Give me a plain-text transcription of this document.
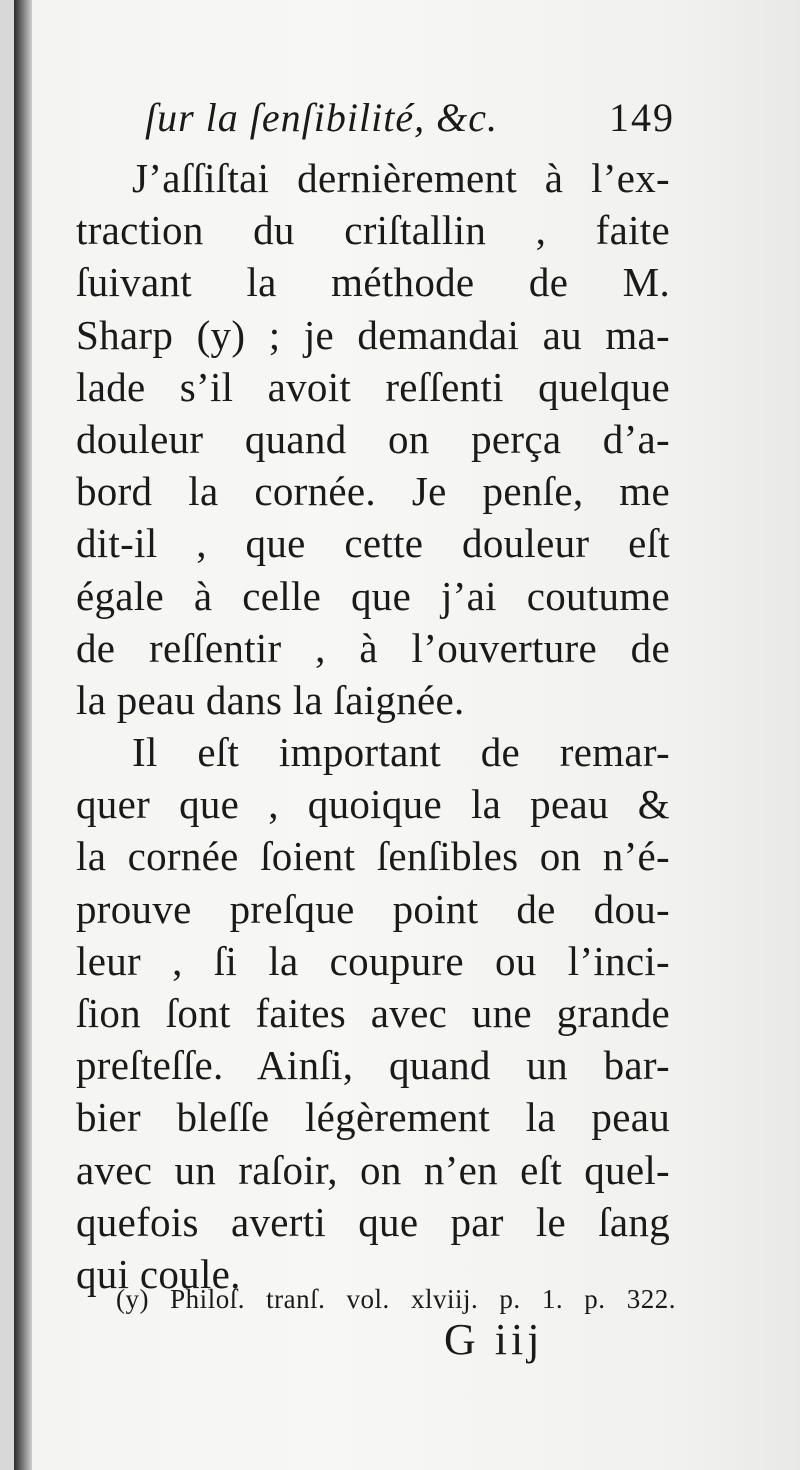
ſur la ſenſibilité, &c.	149
J’aſſiſtai dernièrement à l’ex-
traction du criſtallin , faite
ſuivant la méthode de M.
Sharp (y) ; je demandai au ma-
lade s’il avoit reſſenti quelque
douleur quand on perça d’a-
bord la cornée. Je penſe, me
dit-il , que cette douleur eſt
égale à celle que j’ai coutume
de reſſentir , à l’ouverture de
la peau dans la ſaignée.
Il eſt important de remar-
quer que , quoique la peau &
la cornée ſoient ſenſibles on n’é-
prouve preſque point de dou-
leur , ſi la coupure ou l’inci-
ſion ſont faites avec une grande
preſteſſe. Ainſi, quand un bar-
bier bleſſe légèrement la peau
avec un raſoir, on n’en eſt quel-
quefois averti que par le ſang
qui coule.
(y) Philoſ. tranſ. vol. xlviij. p. 1. p. 322.
G iij
